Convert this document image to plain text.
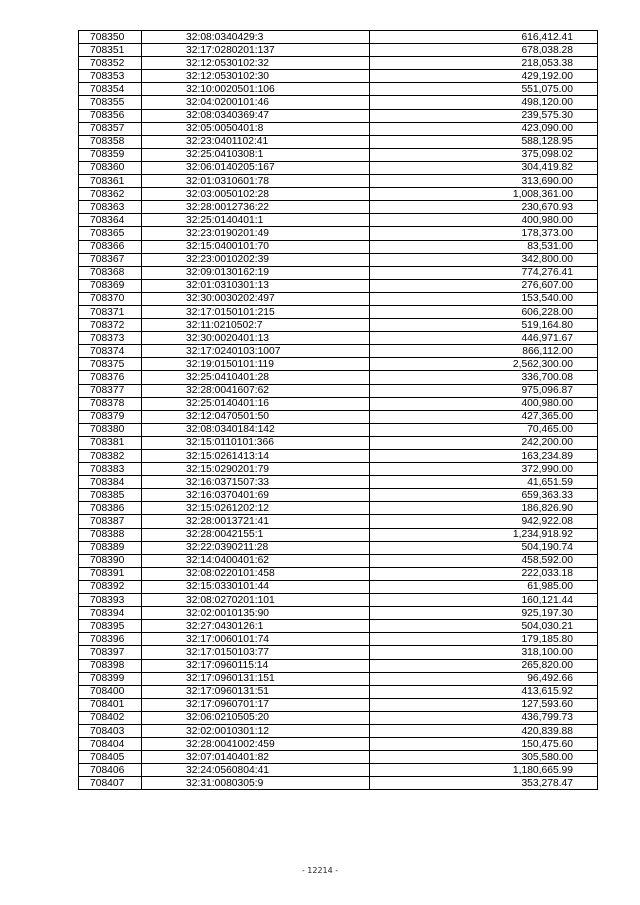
708350	32:08:0340429:3	616,412.41
708351	32:17:0280201:137	678,038.28
708352	32:12:0530102:32	218,053.38
708353	32:12:0530102:30	429,192.00
708354	32:10:0020501:106	551,075.00
708355	32:04:0200101:46	498,120.00
708356	32:08:0340369:47	239,575.30
708357	32:05:0050401:8	423,090.00
708358	32:23:0401102:41	588,128.95
708359	32:25:0410308:1	375,098.02
708360	32:06:0140205:167	304,419.82
708361	32:01:0310601:78	313,690.00
708362	32:03:0050102:28	1,008,361.00
708363	32:28:0012736:22	230,670.93
708364	32:25:0140401:1	400,980.00
708365	32:23:0190201:49	178,373.00
708366	32:15:0400101:70	83,531.00
708367	32:23:0010202:39	342,800.00
708368	32:09:0130162:19	774,276.41
708369	32:01:0310301:13	276,607.00
708370	32:30:0030202:497	153,540.00
708371	32:17:0150101:215	606,228.00
708372	32:11:0210502:7	519,164.80
708373	32:30:0020401:13	446,971.67
708374	32:17:0240103:1007	866,112.00
708375	32:19:0150101:119	2,562,300.00
708376	32:25:0410401:28	336,700.08
708377	32:28:0041607:62	975,096.87
708378	32:25:0140401:16	400,980.00
708379	32:12:0470501:50	427,365.00
708380	32:08:0340184:142	70,465.00
708381	32:15:0110101:366	242,200.00
708382	32:15:0261413:14	163,234.89
708383	32:15:0290201:79	372,990.00
708384	32:16:0371507:33	41,651.59
708385	32:16:0370401:69	659,363.33
708386	32:15:0261202:12	186,826.90
708387	32:28:0013721:41	942,922.08
708388	32:28:0042155:1	1,234,918.92
708389	32:22:0390211:28	504,190.74
708390	32:14:0400401:62	458,592.00
708391	32:08:0220101:458	222,033.18
708392	32:15:0330101:44	61,985.00
708393	32:08:0270201:101	160,121.44
708394	32:02:0010135:90	925,197.30
708395	32:27:0430126:1	504,030.21
708396	32:17:0060101:74	179,185.80
708397	32:17:0150103:77	318,100.00
708398	32:17:0960115:14	265,820.00
708399	32:17:0960131:151	96,492.66
708400	32:17:0960131:51	413,615.92
708401	32:17:0960701:17	127,593.60
708402	32:06:0210505:20	436,799.73
708403	32:02:0010301:12	420,839.88
708404	32:28:0041002:459	150,475.60
708405	32:07:0140401:82	305,580.00
708406	32:24:0560804:41	1,180,665.99
708407	32:31:0080305:9	353,278.47
- 12214 -
